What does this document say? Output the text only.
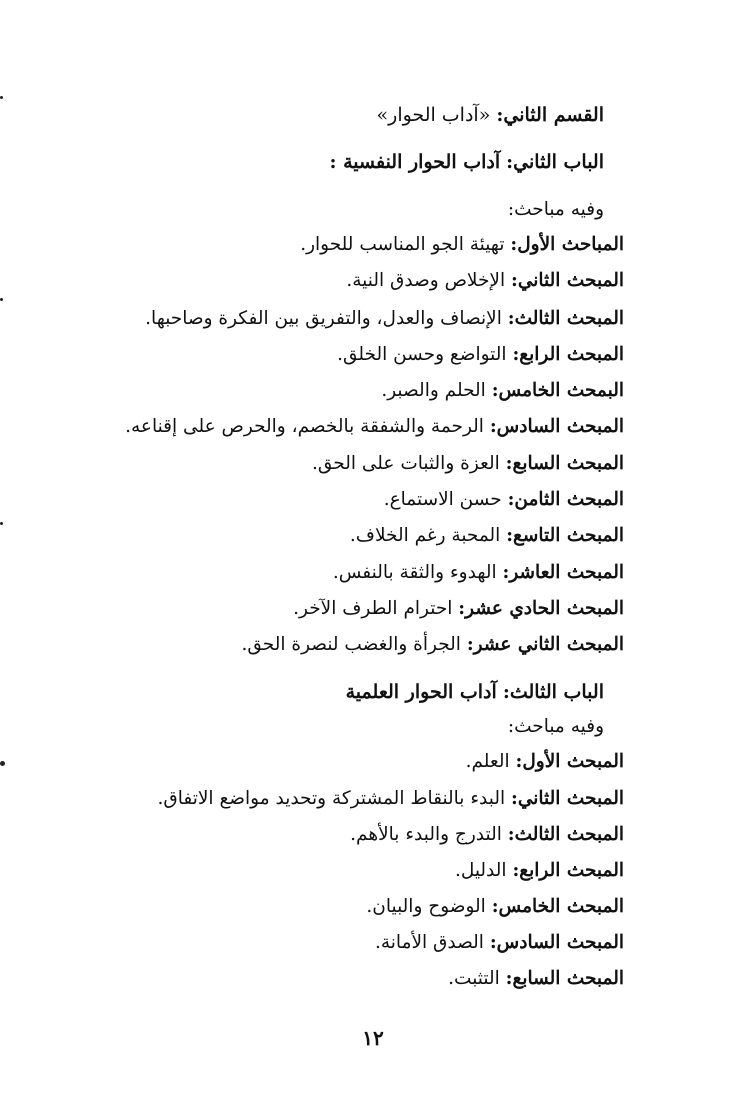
القسم الثاني: «آداب الحوار»
الباب الثاني: آداب الحوار النفسية :
وفيه مباحث:
المباحث الأول: تهيئة الجو المناسب للحوار.
المبحث الثاني: الإخلاص وصدق النية.
المبحث الثالث: الإنصاف والعدل، والتفريق بين الفكرة وصاحبها.
المبحث الرابع: التواضع وحسن الخلق.
البمحث الخامس: الحلم والصبر.
المبحث السادس: الرحمة والشفقة بالخصم، والحرص على إقناعه.
المبحث السابع: العزة والثبات على الحق.
المبحث الثامن: حسن الاستماع.
المبحث التاسع: المحبة رغم الخلاف.
المبحث العاشر: الهدوء والثقة بالنفس.
المبحث الحادي عشر: احترام الطرف الآخر.
المبحث الثاني عشر: الجرأة والغضب لنصرة الحق.
الباب الثالث: آداب الحوار العلمية
وفيه مباحث:
المبحث الأول: العلم.
المبحث الثاني: البدء بالنقاط المشتركة وتحديد مواضع الاتفاق.
المبحث الثالث: التدرج والبدء بالأهم.
المبحث الرابع: الدليل.
المبحث الخامس: الوضوح والبيان.
المبحث السادس: الصدق الأمانة.
المبحث السابع: التثبت.
١٢
